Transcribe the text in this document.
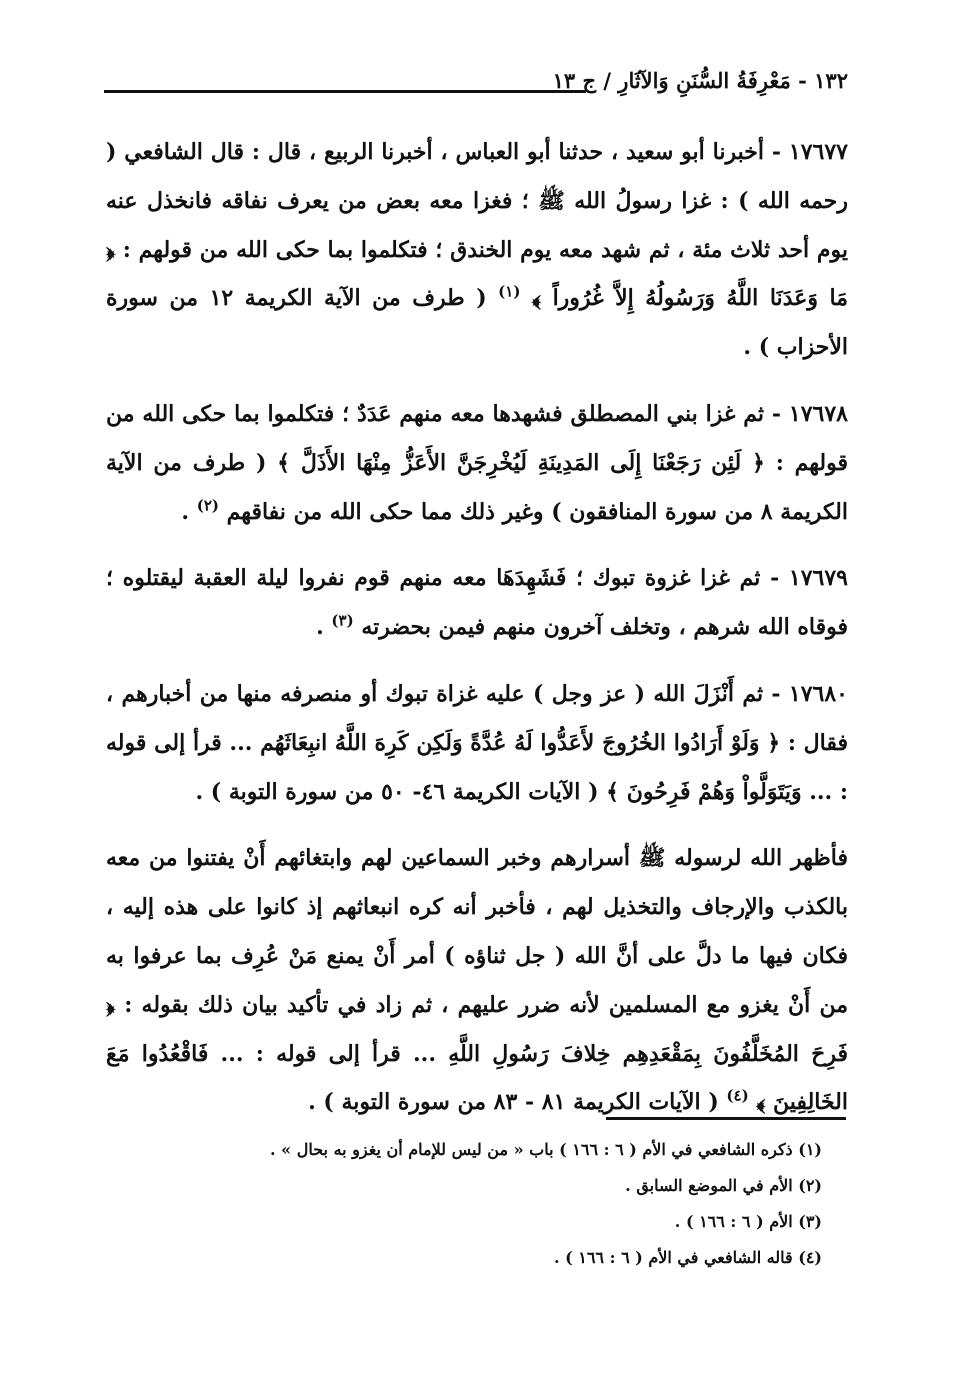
١٣٢ - مَعْرِفَةُ السُّنَنِ وَالآثَارِ / ج ١٣

١٧٦٧٧ - أخبرنا أبو سعيد ، حدثنا أبو العباس ، أخبرنا الربيع ، قال : قال الشافعي ( رحمه الله ) : غزا رسولُ الله ﷺ ؛ فغزا معه بعض من يعرف نفاقه فانخذل عنه يوم أحد ثلاث مئة ، ثم شهد معه يوم الخندق ؛ فتكلموا بما حكى الله من قولهم : ﴿ مَا وَعَدَنَا اللَّهُ وَرَسُولُهُ إِلاَّ غُرُوراً ﴾ $^{(١)}$ ( طرف من الآية الكريمة ١٢ من سورة الأحزاب ) .

١٧٦٧٨ - ثم غزا بني المصطلق فشهدها معه منهم عَدَدٌ ؛ فتكلموا بما حكى الله من قولهم : ﴿ لَئِن رَجَعْنَا إِلَى المَدِينَةِ لَيُخْرِجَنَّ الأَعَزُّ مِنْهَا الأَذَلَّ ﴾ ( طرف من الآية الكريمة ٨ من سورة المنافقون ) وغير ذلك مما حكى الله من نفاقهم $^{(٢)}$ .

١٧٦٧٩ - ثم غزا غزوة تبوك ؛ فَشَهِدَهَا معه منهم قوم نفروا ليلة العقبة ليقتلوه ؛ فوقاه الله شرهم ، وتخلف آخرون منهم فيمن بحضرته $^{(٣)}$ .

١٧٦٨٠ - ثم أَنْزَلَ الله ( عز وجل ) عليه غزاة تبوك أو منصرفه منها من أخبارهم ، فقال : ﴿ وَلَوْ أَرَادُوا الخُرُوجَ لأَعَدُّوا لَهُ عُدَّةً وَلَكِن كَرِهَ اللَّهُ انبِعَاثَهُم ... قرأ إلى قوله : ... وَيَتَوَلَّواْ وَهُمْ فَرِحُونَ ﴾ ( الآيات الكريمة ٤٦- ٥٠ من سورة التوبة ) .

فأظهر الله لرسوله ﷺ أسرارهم وخبر السماعين لهم وابتغائهم أَنْ يفتنوا من معه بالكذب والإرجاف والتخذيل لهم ، فأخبر أنه كره انبعاثهم إذ كانوا على هذه إليه ، فكان فيها ما دلَّ على أنَّ الله ( جل ثناؤه ) أمر أَنْ يمنع مَنْ عُرِف بما عرفوا به من أَنْ يغزو مع المسلمين لأنه ضرر عليهم ، ثم زاد في تأكيد بيان ذلك بقوله : ﴿ فَرِحَ المُخَلَّفُونَ بِمَقْعَدِهِم خِلافَ رَسُولِ اللَّهِ ... قرأ إلى قوله : ... فَاقْعُدُوا مَعَ الخَالِفِينَ ﴾ $^{(٤)}$ ( الآيات الكريمة ٨١ - ٨٣ من سورة التوبة ) .

(١) ذكره الشافعي في الأم ( ٦ : ١٦٦ ) باب « من ليس للإمام أن يغزو به بحال » .
(٢) الأم في الموضع السابق .
(٣) الأم ( ٦ : ١٦٦ ) .
(٤) قاله الشافعي في الأم ( ٦ : ١٦٦ ) .
